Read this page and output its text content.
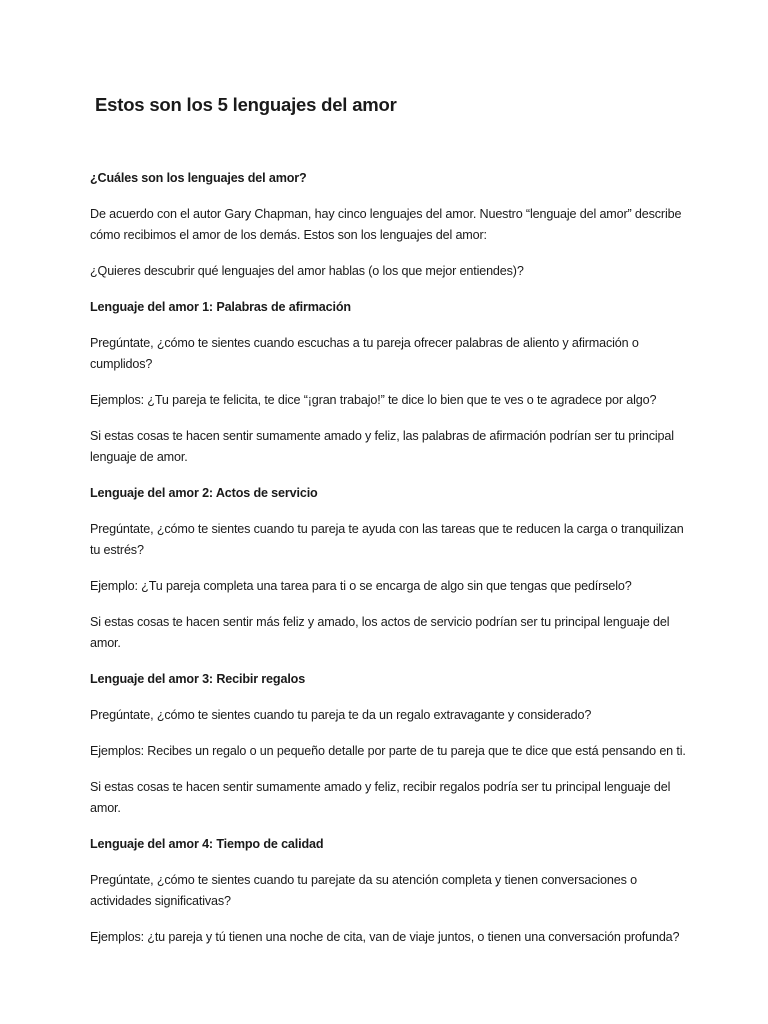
Estos son los 5 lenguajes del amor

¿Cuáles son los lenguajes del amor?

De acuerdo con el autor Gary Chapman, hay cinco lenguajes del amor. Nuestro “lenguaje del amor” describe cómo recibimos el amor de los demás. Estos son los lenguajes del amor:

¿Quieres descubrir qué lenguajes del amor hablas (o los que mejor entiendes)?

Lenguaje del amor 1: Palabras de afirmación

Pregúntate, ¿cómo te sientes cuando escuchas a tu pareja ofrecer palabras de aliento y afirmación o cumplidos?

Ejemplos: ¿Tu pareja te felicita, te dice “¡gran trabajo!” te dice lo bien que te ves o te agradece por algo?

Si estas cosas te hacen sentir sumamente amado y feliz, las palabras de afirmación podrían ser tu principal lenguaje de amor.

Lenguaje del amor 2: Actos de servicio

Pregúntate, ¿cómo te sientes cuando tu pareja te ayuda con las tareas que te reducen la carga o tranquilizan tu estrés?

Ejemplo: ¿Tu pareja completa una tarea para ti o se encarga de algo sin que tengas que pedírselo?

Si estas cosas te hacen sentir más feliz y amado, los actos de servicio podrían ser tu principal lenguaje del amor.

Lenguaje del amor 3: Recibir regalos

Pregúntate, ¿cómo te sientes cuando tu pareja te da un regalo extravagante y considerado?

Ejemplos: Recibes un regalo o un pequeño detalle por parte de tu pareja que te dice que está pensando en ti.

Si estas cosas te hacen sentir sumamente amado y feliz, recibir regalos podría ser tu principal lenguaje del amor.

Lenguaje del amor 4: Tiempo de calidad

Pregúntate, ¿cómo te sientes cuando tu parejate da su atención completa y tienen conversaciones o actividades significativas?

Ejemplos: ¿tu pareja y tú tienen una noche de cita, van de viaje juntos, o tienen una conversación profunda?
